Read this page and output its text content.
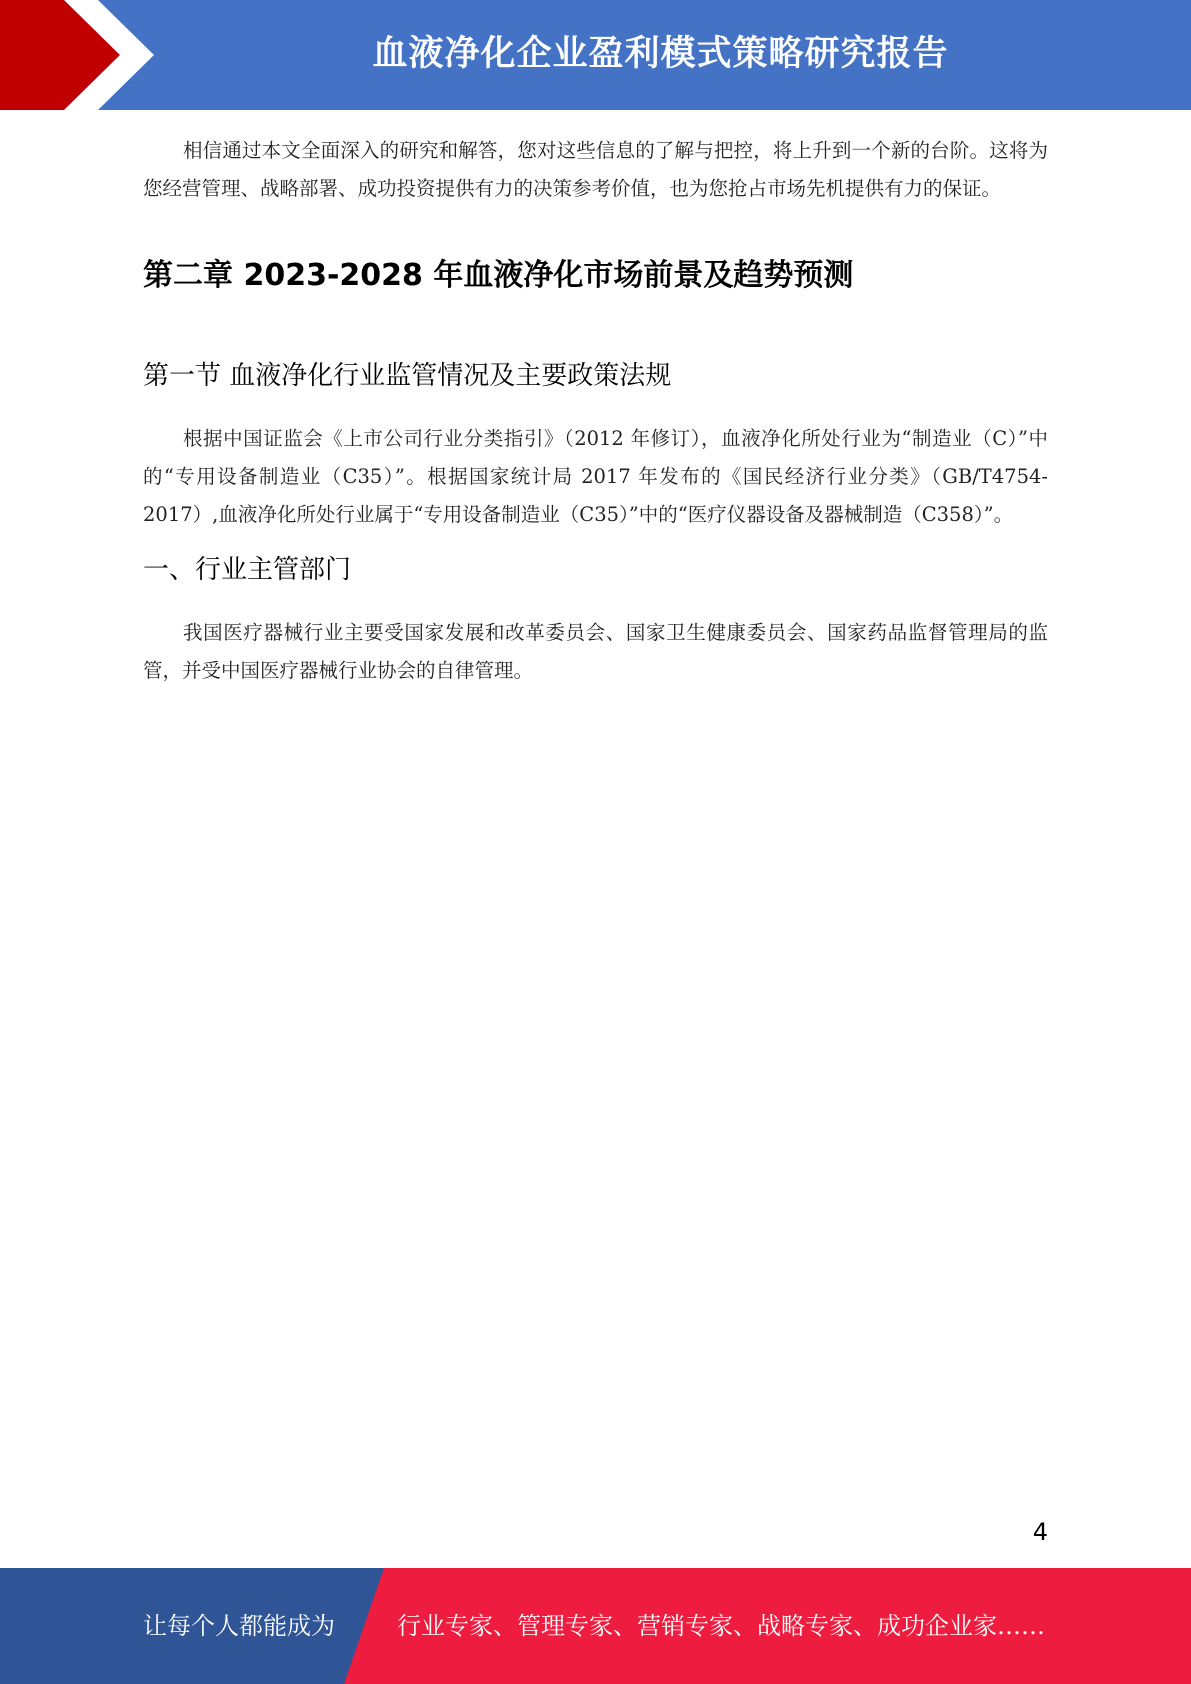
血液净化企业盈利模式策略研究报告

相信通过本文全面深入的研究和解答，您对这些信息的了解与把控，将上升到一个新的台阶。这将为您经营管理、战略部署、成功投资提供有力的决策参考价值，也为您抢占市场先机提供有力的保证。

第二章 2023-2028 年血液净化市场前景及趋势预测
第一节 血液净化行业监管情况及主要政策法规

根据中国证监会《上市公司行业分类指引》（2012 年修订），血液净化所处行业为“制造业（C）”中的“专用设备制造业（C35）”。根据国家统计局 2017 年发布的《国民经济行业分类》（GB/T4754-2017）,血液净化所处行业属于“专用设备制造业（C35）”中的“医疗仪器设备及器械制造（C358）”。

一、行业主管部门

我国医疗器械行业主要受国家发展和改革委员会、国家卫生健康委员会、国家药品监督管理局的监管，并受中国医疗器械行业协会的自律管理。

4
让每个人都能成为	行业专家、管理专家、营销专家、战略专家、成功企业家……
